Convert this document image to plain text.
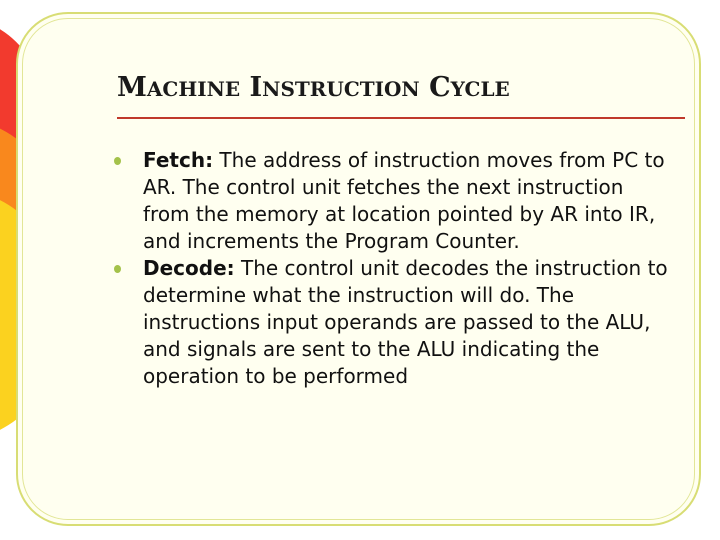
MACHINE INSTRUCTION CYCLE
Fetch: The address of instruction moves from PC to AR. The control unit fetches the next instruction from the memory at location pointed by AR into IR, and increments the Program Counter.
Decode: The control unit decodes the instruction to determine what the instruction will do. The instructions input operands are passed to the ALU, and signals are sent to the ALU indicating the operation to be performed
